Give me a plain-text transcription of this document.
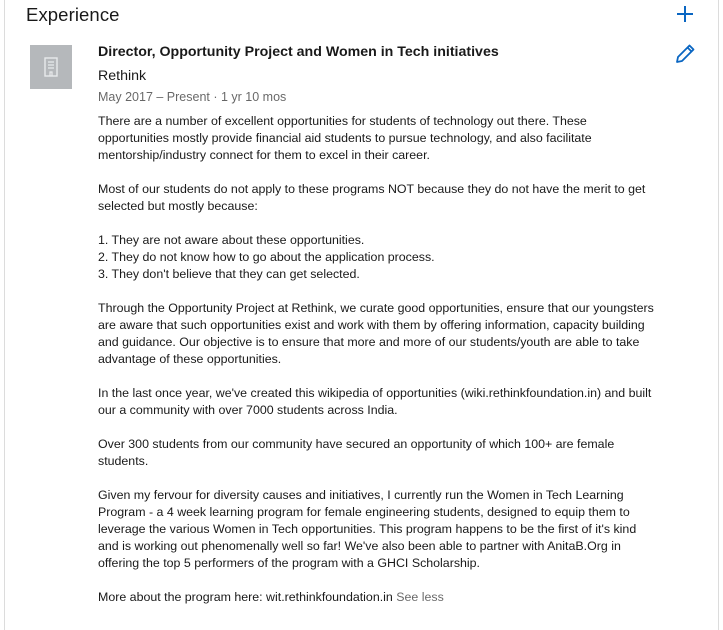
Experience
Director, Opportunity Project and Women in Tech initiatives
Rethink
May 2017 – Present · 1 yr 10 mos

There are a number of excellent opportunities for students of technology out there. These opportunities mostly provide financial aid students to pursue technology, and also facilitate mentorship/industry connect for them to excel in their career.

Most of our students do not apply to these programs NOT because they do not have the merit to get selected but mostly because:

1. They are not aware about these opportunities.
2. They do not know how to go about the application process.
3. They don't believe that they can get selected.

Through the Opportunity Project at Rethink, we curate good opportunities, ensure that our youngsters are aware that such opportunities exist and work with them by offering information, capacity building and guidance. Our objective is to ensure that more and more of our students/youth are able to take advantage of these opportunities.

In the last once year, we've created this wikipedia of opportunities (wiki.rethinkfoundation.in) and built our a community with over 7000 students across India.

Over 300 students from our community have secured an opportunity of which 100+ are female students.

Given my fervour for diversity causes and initiatives, I currently run the Women in Tech Learning Program - a 4 week learning program for female engineering students, designed to equip them to leverage the various Women in Tech opportunities. This program happens to be the first of it's kind and is working out phenomenally well so far! We've also been able to partner with AnitaB.Org in offering the top 5 performers of the program with a GHCI Scholarship.

More about the program here: wit.rethinkfoundation.in See less
